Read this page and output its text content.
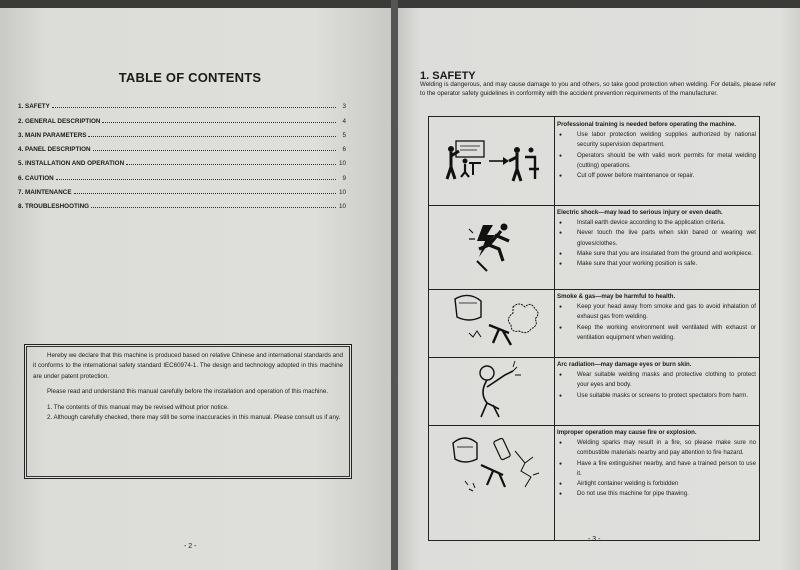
TABLE OF CONTENTS
1. SAFETY	3
2. GENERAL DESCRIPTION	4
3. MAIN PARAMETERS	5
4. PANEL DESCRIPTION	6
5. INSTALLATION AND OPERATION	10
6. CAUTION	9
7. MAINTENANCE	10
8. TROUBLESHOOTING	10

Hereby we declare that this machine is produced based on relative Chinese and international standards and it conforms to the international safety standard IEC60974-1. The design and technology adopted in this machine are under patent protection.

Please read and understand this manual carefully before the installation and operation of this machine.

1. The contents of this manual may be revised without prior notice.

2. Although carefully checked, there may still be some inaccuracies in this manual. Please consult us if any.

- 2 -
1. SAFETY
Welding is dangerous, and may cause damage to you and others, so take good protection when welding. For details, please refer to the operator safety guidelines in conformity with the accident prevention requirements of the manufacturer.
Professional training is needed before operating the machine.
● Use labor protection welding supplies authorized by national security supervision department.
● Operators should be with valid work permits for metal welding (cutting) operations.
● Cut off power before maintenance or repair.
Electric shock—may lead to serious injury or even death.
● Install earth device according to the application criteria.
● Never touch the live parts when skin bared or wearing wet gloves/clothes.
● Make sure that you are insulated from the ground and workpiece.
● Make sure that your working position is safe.
Smoke & gas—may be harmful to health.
● Keep your head away from smoke and gas to avoid inhalation of exhaust gas from welding.
● Keep the working environment well ventilated with exhaust or ventilation equipment when welding.
Arc radiation—may damage eyes or burn skin.
● Wear suitable welding masks and protective clothing to protect your eyes and body.
● Use suitable masks or screens to protect spectators from harm.
Improper operation may cause fire or explosion.
● Welding sparks may result in a fire, so please make sure no combustible materials nearby and pay attention to fire hazard.
● Have a fire extinguisher nearby, and have a trained person to use it.
● Airtight container welding is forbidden
● Do not use this machine for pipe thawing.
- 3 -
